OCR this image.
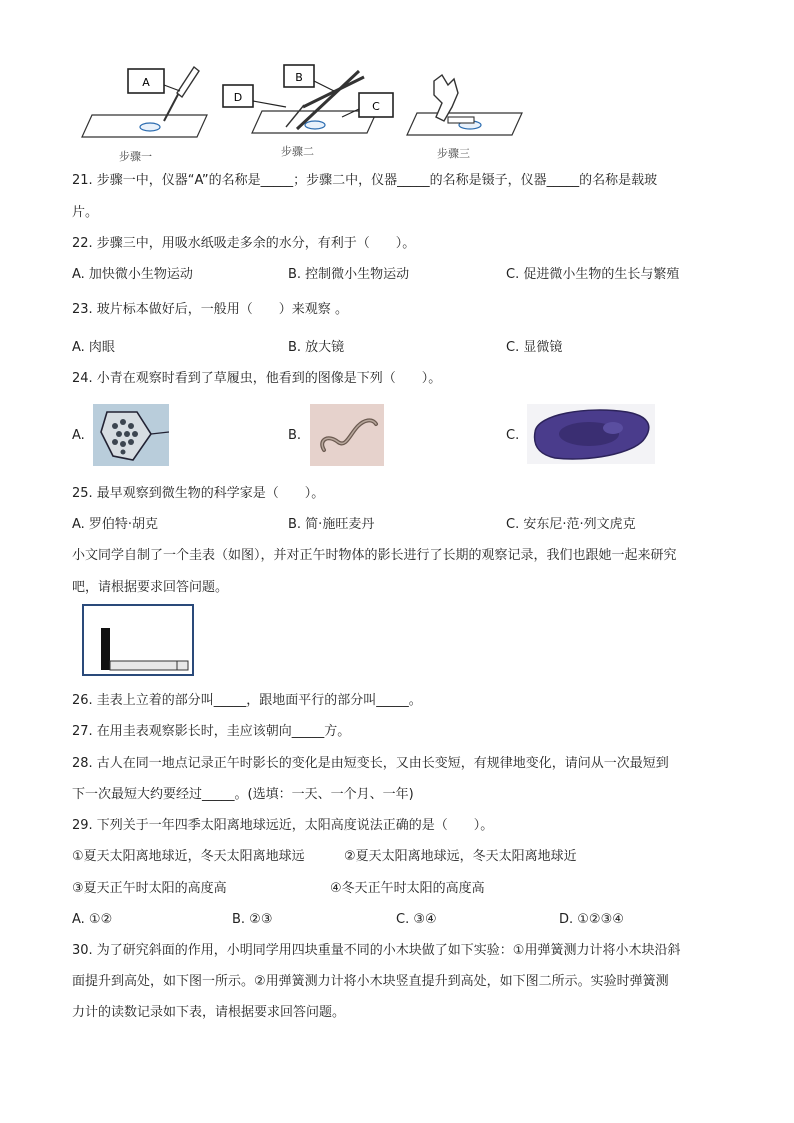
A	B
D
C
步骤一	步骤二	步骤三
21. 步骤一中，仪器“A”的名称是_____；步骤二中，仪器_____的名称是镊子，仪器_____的名称是载玻
片。
22. 步骤三中，用吸水纸吸走多余的水分，有利于（　　）。
A. 加快微小生物运动	B. 控制微小生物运动	C. 促进微小生物的生长与繁殖
23. 玻片标本做好后，一般用（　　）来观察 。
A. 肉眼	B. 放大镜	C. 显微镜
24. 小青在观察时看到了草履虫，他看到的图像是下列（　　）。
A.	B.	C.
25. 最早观察到微生物的科学家是（　　）。
A. 罗伯特·胡克	B. 简·施旺麦丹	C. 安东尼·范·列文虎克
小文同学自制了一个圭表（如图），并对正午时物体的影长进行了长期的观察记录，我们也跟她一起来研究
吧，请根据要求回答问题。
26. 圭表上立着的部分叫_____，跟地面平行的部分叫_____。
27. 在用圭表观察影长时，圭应该朝向_____方。
28. 古人在同一地点记录正午时影长的变化是由短变长，又由长变短，有规律地变化，请问从一次最短到
下一次最短大约要经过_____。(选填：一天、一个月、一年)
29. 下列关于一年四季太阳离地球远近，太阳高度说法正确的是（　　）。
①夏天太阳离地球近，冬天太阳离地球远	②夏天太阳离地球远，冬天太阳离地球近
③夏天正午时太阳的高度高	④冬天正午时太阳的高度高
A. ①②	B. ②③	C. ③④	D. ①②③④
30. 为了研究斜面的作用，小明同学用四块重量不同的小木块做了如下实验：①用弹簧测力计将小木块沿斜
面提升到高处，如下图一所示。②用弹簧测力计将小木块竖直提升到高处，如下图二所示。实验时弹簧测
力计的读数记录如下表，请根据要求回答问题。
